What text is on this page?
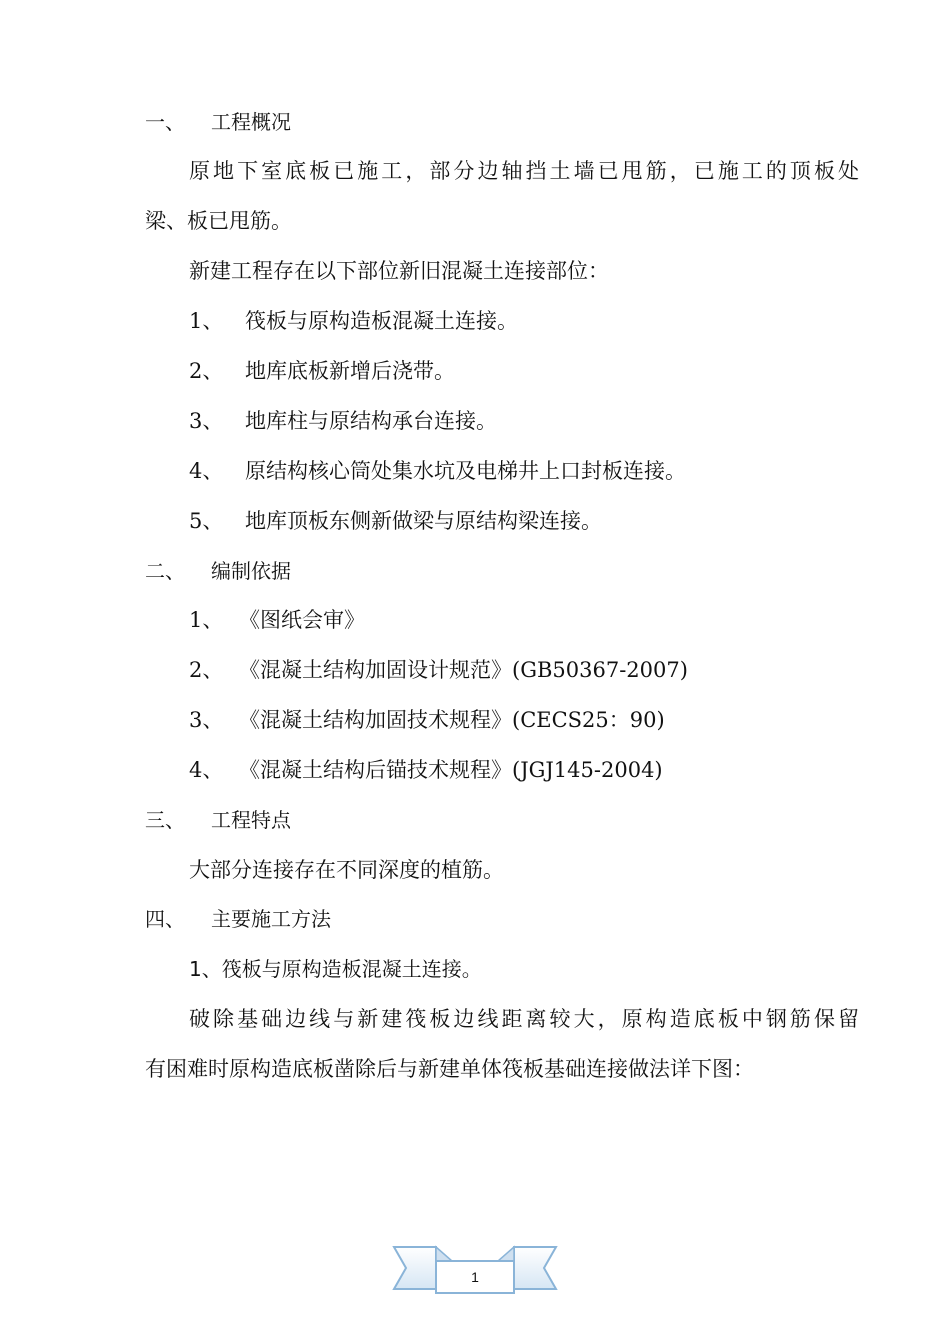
一、 工程概况
原地下室底板已施工，部分边轴挡土墙已甩筋，已施工的顶板处
梁、板已甩筋。
新建工程存在以下部位新旧混凝土连接部位：
1、 筏板与原构造板混凝土连接。
2、 地库底板新增后浇带。
3、 地库柱与原结构承台连接。
4、 原结构核心筒处集水坑及电梯井上口封板连接。
5、 地库顶板东侧新做梁与原结构梁连接。
二、 编制依据
1、 《图纸会审》
2、 《混凝土结构加固设计规范》(GB50367-2007)
3、 《混凝土结构加固技术规程》(CECS25：90)
4、 《混凝土结构后锚技术规程》(JGJ145-2004)
三、 工程特点
大部分连接存在不同深度的植筋。
四、 主要施工方法
1、筏板与原构造板混凝土连接。
破除基础边线与新建筏板边线距离较大，原构造底板中钢筋保留
有困难时原构造底板凿除后与新建单体筏板基础连接做法详下图：
1
